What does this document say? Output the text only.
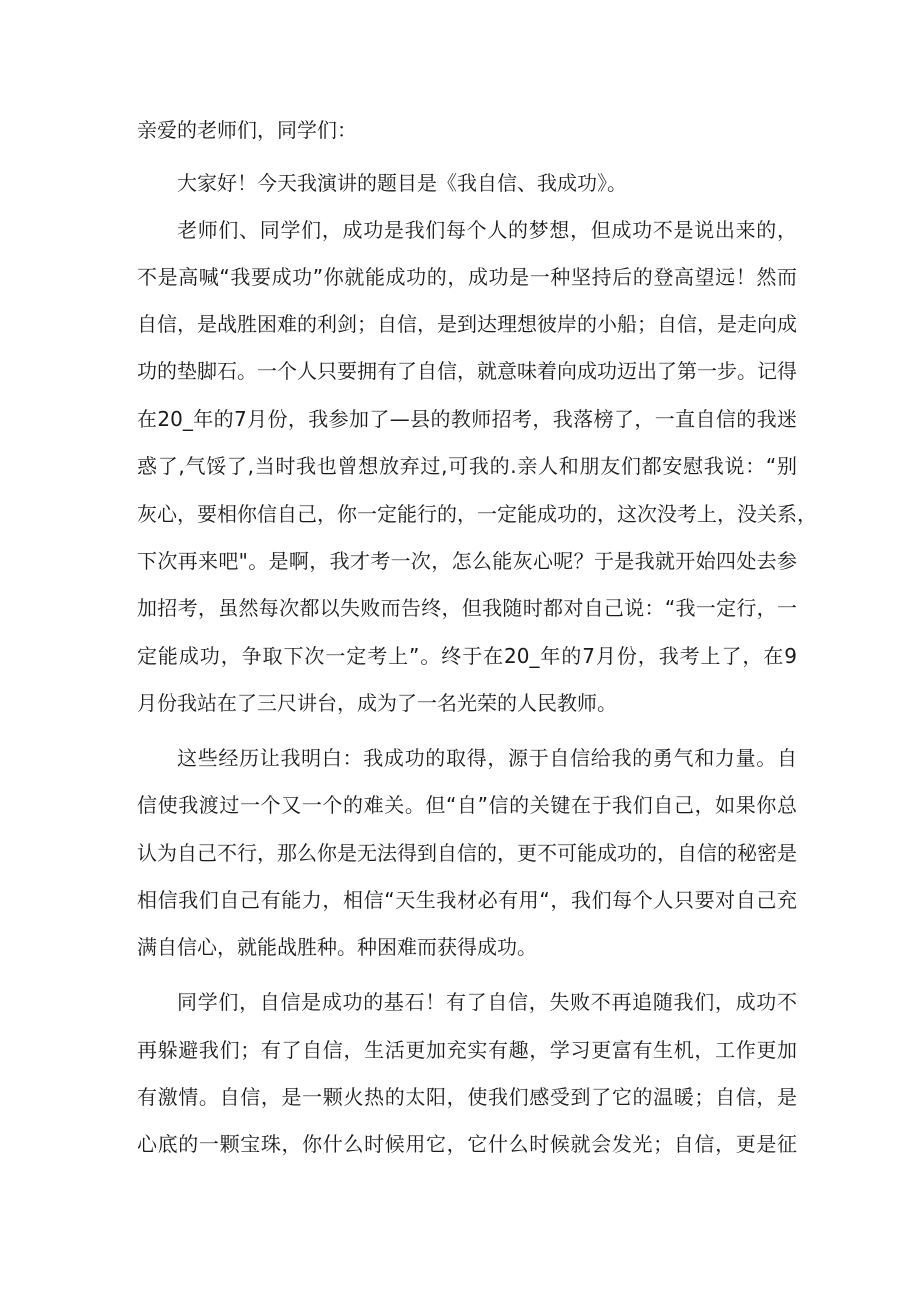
亲爱的老师们，同学们：
大家好！今天我演讲的题目是《我自信、我成功》。
老师们、同学们，成功是我们每个人的梦想，但成功不是说出来的，
不是高喊“我要成功”你就能成功的，成功是一种坚持后的登高望远！然而
自信，是战胜困难的利剑；自信，是到达理想彼岸的小船；自信，是走向成
功的垫脚石。一个人只要拥有了自信，就意味着向成功迈出了第一步。记得
在20_年的7月份，我参加了—县的教师招考，我落榜了，一直自信的我迷
惑了,气馁了,当时我也曾想放弃过,可我的.亲人和朋友们都安慰我说：“别
灰心，要相你信自己，你一定能行的，一定能成功的，这次没考上，没关系，
下次再来吧"。是啊，我才考一次，怎么能灰心呢？于是我就开始四处去参
加招考，虽然每次都以失败而告终，但我随时都对自己说：“我一定行，一
定能成功，争取下次一定考上”。终于在20_年的7月份，我考上了，在9
月份我站在了三尺讲台，成为了一名光荣的人民教师。
这些经历让我明白：我成功的取得，源于自信给我的勇气和力量。自
信使我渡过一个又一个的难关。但“自”信的关键在于我们自己，如果你总
认为自己不行，那么你是无法得到自信的，更不可能成功的，自信的秘密是
相信我们自己有能力，相信“天生我材必有用“，我们每个人只要对自己充
满自信心，就能战胜种。种困难而获得成功。
同学们，自信是成功的基石！有了自信，失败不再追随我们，成功不
再躲避我们；有了自信，生活更加充实有趣，学习更富有生机，工作更加
有激情。自信，是一颗火热的太阳，使我们感受到了它的温暖；自信，是
心底的一颗宝珠，你什么时候用它，它什么时候就会发光；自信，更是征
